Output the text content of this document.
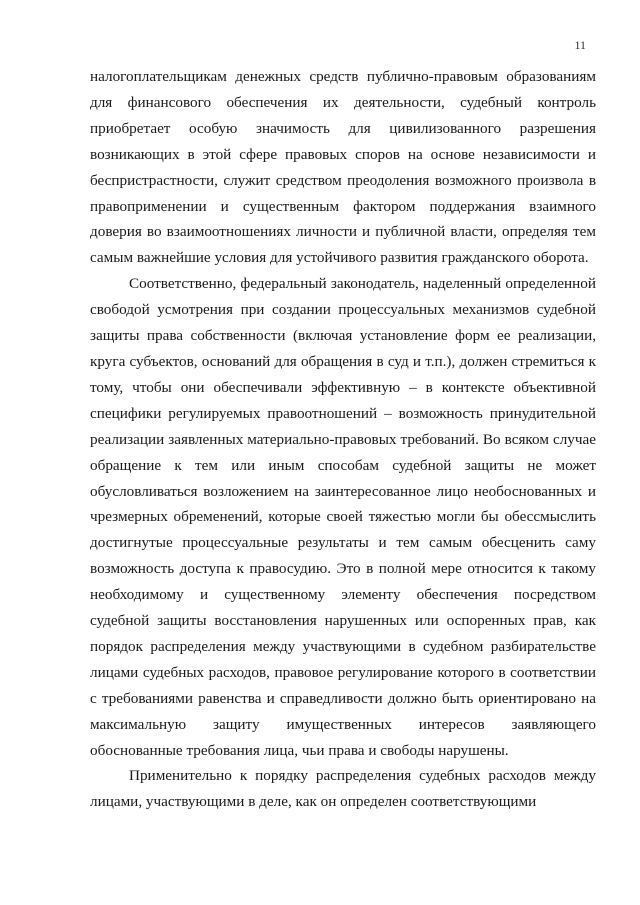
11

налогоплательщикам денежных средств публично-правовым образованиям для финансового обеспечения их деятельности, судебный контроль приобретает особую значимость для цивилизованного разрешения возникающих в этой сфере правовых споров на основе независимости и беспристрастности, служит средством преодоления возможного произвола в правоприменении и существенным фактором поддержания взаимного доверия во взаимоотношениях личности и публичной власти, определяя тем самым важнейшие условия для устойчивого развития гражданского оборота.

Соответственно, федеральный законодатель, наделенный определенной свободой усмотрения при создании процессуальных механизмов судебной защиты права собственности (включая установление форм ее реализации, круга субъектов, оснований для обращения в суд и т.п.), должен стремиться к тому, чтобы они обеспечивали эффективную – в контексте объективной специфики регулируемых правоотношений – возможность принудительной реализации заявленных материально-правовых требований. Во всяком случае обращение к тем или иным способам судебной защиты не может обусловливаться возложением на заинтересованное лицо необоснованных и чрезмерных обременений, которые своей тяжестью могли бы обессмыслить достигнутые процессуальные результаты и тем самым обесценить саму возможность доступа к правосудию. Это в полной мере относится к такому необходимому и существенному элементу обеспечения посредством судебной защиты восстановления нарушенных или оспоренных прав, как порядок распределения между участвующими в судебном разбирательстве лицами судебных расходов, правовое регулирование которого в соответствии с требованиями равенства и справедливости должно быть ориентировано на максимальную защиту имущественных интересов заявляющего обоснованные требования лица, чьи права и свободы нарушены.

Применительно к порядку распределения судебных расходов между лицами, участвующими в деле, как он определен соответствующими
